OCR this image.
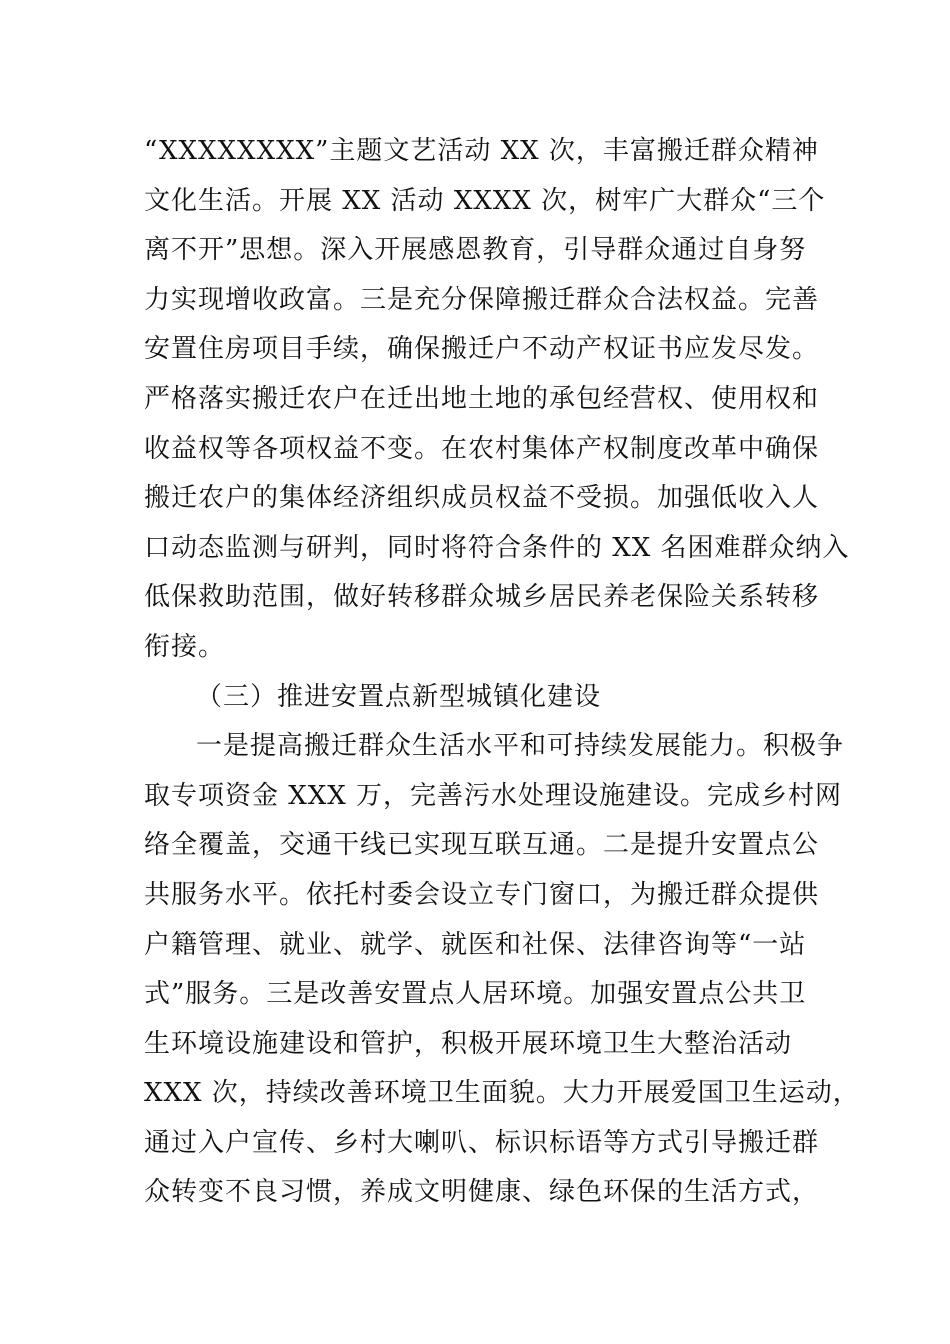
“XXXXXXXX”主题文艺活动 XX 次，丰富搬迁群众精神
文化生活。开展 XX 活动 XXXX 次，树牢广大群众“三个
离不开”思想。深入开展感恩教育，引导群众通过自身努
力实现增收政富。三是充分保障搬迁群众合法权益。完善
安置住房项目手续，确保搬迁户不动产权证书应发尽发。
严格落实搬迁农户在迁出地土地的承包经营权、使用权和
收益权等各项权益不变。在农村集体产权制度改革中确保
搬迁农户的集体经济组织成员权益不受损。加强低收入人
口动态监测与研判，同时将符合条件的 XX 名困难群众纳入
低保救助范围，做好转移群众城乡居民养老保险关系转移
衔接。
（三）推进安置点新型城镇化建设
一是提高搬迁群众生活水平和可持续发展能力。积极争
取专项资金 XXX 万，完善污水处理设施建设。完成乡村网
络全覆盖，交通干线已实现互联互通。二是提升安置点公
共服务水平。依托村委会设立专门窗口，为搬迁群众提供
户籍管理、就业、就学、就医和社保、法律咨询等“一站
式”服务。三是改善安置点人居环境。加强安置点公共卫
生环境设施建设和管护，积极开展环境卫生大整治活动
XXX 次，持续改善环境卫生面貌。大力开展爱国卫生运动，
通过入户宣传、乡村大喇叭、标识标语等方式引导搬迁群
众转变不良习惯，养成文明健康、绿色环保的生活方式，
